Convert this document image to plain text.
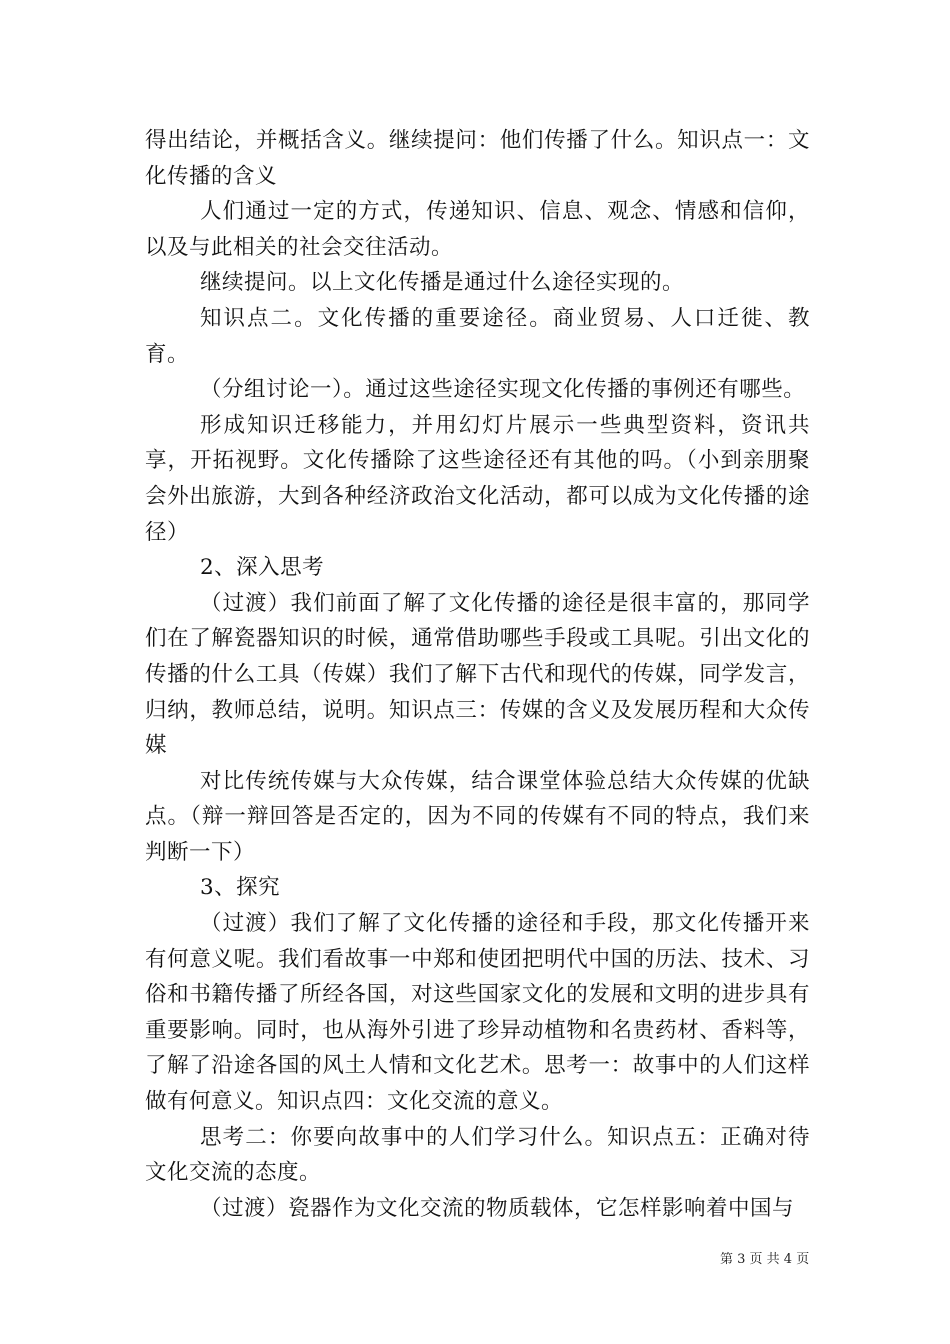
得出结论，并概括含义。继续提问：他们传播了什么。知识点一：文化传播的含义

人们通过一定的方式，传递知识、信息、观念、情感和信仰，以及与此相关的社会交往活动。

继续提问。以上文化传播是通过什么途径实现的。

知识点二。文化传播的重要途径。商业贸易、人口迁徙、教育。

（分组讨论一）。通过这些途径实现文化传播的事例还有哪些。

形成知识迁移能力，并用幻灯片展示一些典型资料，资讯共享，开拓视野。文化传播除了这些途径还有其他的吗。（小到亲朋聚会外出旅游，大到各种经济政治文化活动，都可以成为文化传播的途径）

2、深入思考

（过渡）我们前面了解了文化传播的途径是很丰富的，那同学们在了解瓷器知识的时候，通常借助哪些手段或工具呢。引出文化的传播的什么工具（传媒）我们了解下古代和现代的传媒，同学发言，归纳，教师总结，说明。知识点三：传媒的含义及发展历程和大众传媒

对比传统传媒与大众传媒，结合课堂体验总结大众传媒的优缺点。（辩一辩回答是否定的，因为不同的传媒有不同的特点，我们来判断一下）

3、探究

（过渡）我们了解了文化传播的途径和手段，那文化传播开来有何意义呢。我们看故事一中郑和使团把明代中国的历法、技术、习俗和书籍传播了所经各国，对这些国家文化的发展和文明的进步具有重要影响。同时，也从海外引进了珍异动植物和名贵药材、香料等，了解了沿途各国的风土人情和文化艺术。思考一：故事中的人们这样做有何意义。知识点四：文化交流的意义。

思考二：你要向故事中的人们学习什么。知识点五：正确对待文化交流的态度。

（过渡）瓷器作为文化交流的物质载体，它怎样影响着中国与

第 3 页 共 4 页
